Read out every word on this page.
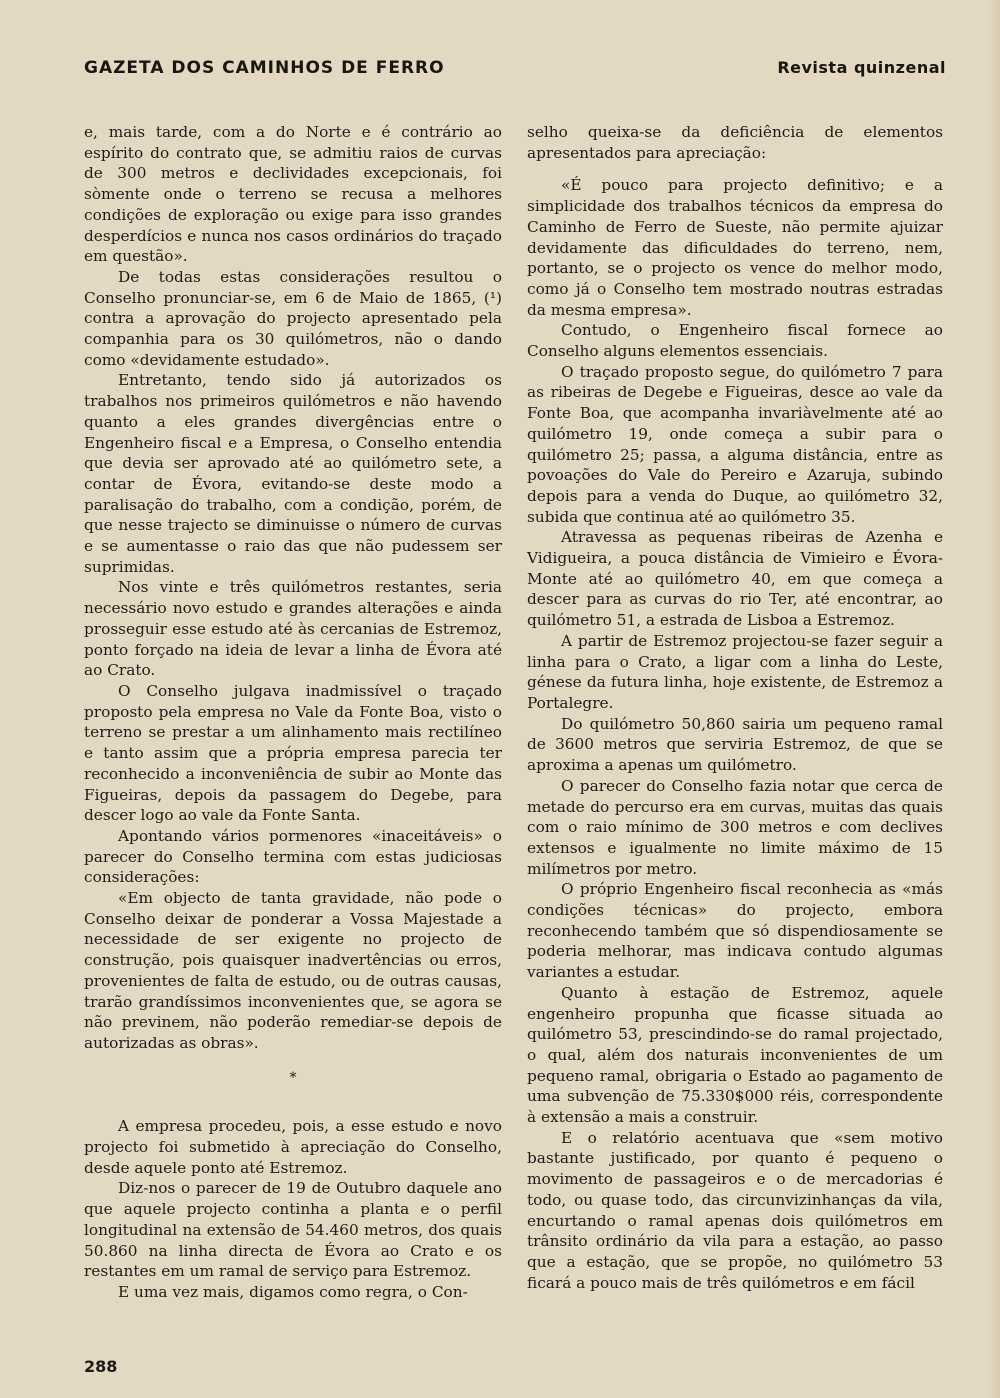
GAZETA DOS CAMINHOS DE FERRO	Revista quinzenal

e, mais tarde, com a do Norte e é contrário ao espírito do contrato que, se admitiu raios de curvas de 300 metros e declividades excepcionais, foi sòmente onde o terreno se recusa a melhores condições de exploração ou exige para isso grandes desperdícios e nunca nos casos ordinários do traçado em questão».

De todas estas considerações resultou o Conselho pronunciar-se, em 6 de Maio de 1865, (¹) contra a aprovação do projecto apresentado pela companhia para os 30 quilómetros, não o dando como «devidamente estudado».

Entretanto, tendo sido já autorizados os trabalhos nos primeiros quilómetros e não havendo quanto a eles grandes divergências entre o Engenheiro fiscal e a Empresa, o Conselho entendia que devia ser aprovado até ao quilómetro sete, a contar de Évora, evitando-se deste modo a paralisação do trabalho, com a condição, porém, de que nesse trajecto se diminuisse o número de curvas e se aumentasse o raio das que não pudessem ser suprimidas.

Nos vinte e três quilómetros restantes, seria necessário novo estudo e grandes alterações e ainda prosseguir esse estudo até às cercanias de Estremoz, ponto forçado na ideia de levar a linha de Évora até ao Crato.

O Conselho julgava inadmissível o traçado proposto pela empresa no Vale da Fonte Boa, visto o terreno se prestar a um alinhamento mais rectilíneo e tanto assim que a própria empresa parecia ter reconhecido a inconveniência de subir ao Monte das Figueiras, depois da passagem do Degebe, para descer logo ao vale da Fonte Santa.

Apontando vários pormenores «inaceitáveis» o parecer do Conselho termina com estas judiciosas considerações:

«Em objecto de tanta gravidade, não pode o Conselho deixar de ponderar a Vossa Majestade a necessidade de ser exigente no projecto de construção, pois quaisquer inadvertências ou erros, provenientes de falta de estudo, ou de outras causas, trarão grandíssimos inconvenientes que, se agora se não previnem, não poderão remediar-se depois de autorizadas as obras».

*

A empresa procedeu, pois, a esse estudo e novo projecto foi submetido à apreciação do Conselho, desde aquele ponto até Estremoz.

Diz-nos o parecer de 19 de Outubro daquele ano que aquele projecto continha a planta e o perfil longitudinal na extensão de 54.460 metros, dos quais 50.860 na linha directa de Évora ao Crato e os restantes em um ramal de serviço para Estremoz.

E uma vez mais, digamos como regra, o Con-

selho queixa-se da deficiência de elementos apresentados para apreciação:

«É pouco para projecto definitivo; e a simplicidade dos trabalhos técnicos da empresa do Caminho de Ferro de Sueste, não permite ajuizar devidamente das dificuldades do terreno, nem, portanto, se o projecto os vence do melhor modo, como já o Conselho tem mostrado noutras estradas da mesma empresa».

Contudo, o Engenheiro fiscal fornece ao Conselho alguns elementos essenciais.

O traçado proposto segue, do quilómetro 7 para as ribeiras de Degebe e Figueiras, desce ao vale da Fonte Boa, que acompanha invariàvelmente até ao quilómetro 19, onde começa a subir para o quilómetro 25; passa, a alguma distância, entre as povoações do Vale do Pereiro e Azaruja, subindo depois para a venda do Duque, ao quilómetro 32, subida que continua até ao quilómetro 35.

Atravessa as pequenas ribeiras de Azenha e Vidigueira, a pouca distância de Vimieiro e Évora-Monte até ao quilómetro 40, em que começa a descer para as curvas do rio Ter, até encontrar, ao quilómetro 51, a estrada de Lisboa a Estremoz.

A partir de Estremoz projectou-se fazer seguir a linha para o Crato, a ligar com a linha do Leste, génese da futura linha, hoje existente, de Estremoz a Portalegre.

Do quilómetro 50,860 sairia um pequeno ramal de 3600 metros que serviria Estremoz, de que se aproxima a apenas um quilómetro.

O parecer do Conselho fazia notar que cerca de metade do percurso era em curvas, muitas das quais com o raio mínimo de 300 metros e com declives extensos e igualmente no limite máximo de 15 milímetros por metro.

O próprio Engenheiro fiscal reconhecia as «más condições técnicas» do projecto, embora reconhecendo também que só dispendiosamente se poderia melhorar, mas indicava contudo algumas variantes a estudar.

Quanto à estação de Estremoz, aquele engenheiro propunha que ficasse situada ao quilómetro 53, prescindindo-se do ramal projectado, o qual, além dos naturais inconvenientes de um pequeno ramal, obrigaria o Estado ao pagamento de uma subvenção de 75.330$000 réis, correspondente à extensão a mais a construir.

E o relatório acentuava que «sem motivo bastante justificado, por quanto é pequeno o movimento de passageiros e o de mercadorias é todo, ou quase todo, das circunvizinhanças da vila, encurtando o ramal apenas dois quilómetros em trânsito ordinário da vila para a estação, ao passo que a estação, que se propõe, no quilómetro 53 ficará a pouco mais de três quilómetros e em fácil

288
